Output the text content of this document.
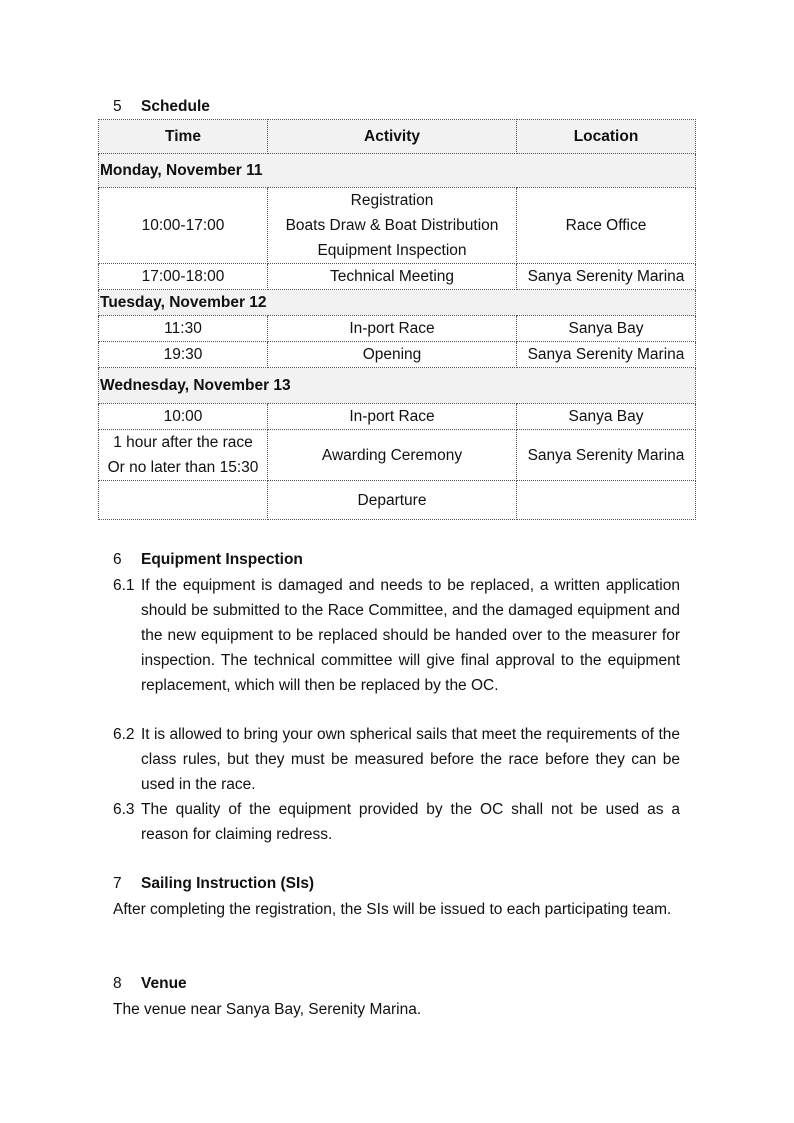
5 Schedule
Time	Activity	Location
Monday, November 11		

10:00-17:00	Registration
Boats Draw & Boat Distribution
Equipment Inspection	Race Office
17:00-18:00	Technical Meeting	Sanya Serenity Marina
Tuesday, November 12		
11:30	In-port Race	Sanya Bay
19:30	Opening	Sanya Serenity Marina
Wednesday, November 13		
10:00	In-port Race	Sanya Bay

1 hour after the race
Or no later than 15:30	Awarding Ceremony	Sanya Serenity Marina
	Departure	
6 Equipment Inspection
6.1 If the equipment is damaged and needs to be replaced, a written application should be submitted to the Race Committee, and the damaged equipment and the new equipment to be replaced should be handed over to the measurer for inspection. The technical committee will give final approval to the equipment replacement, which will then be replaced by the OC.
6.2 It is allowed to bring your own spherical sails that meet the requirements of the class rules, but they must be measured before the race before they can be used in the race.
6.3 The quality of the equipment provided by the OC shall not be used as a reason for claiming redress.
7 Sailing Instruction (SIs)
After completing the registration, the SIs will be issued to each participating team.
8 Venue
The venue near Sanya Bay, Serenity Marina.
